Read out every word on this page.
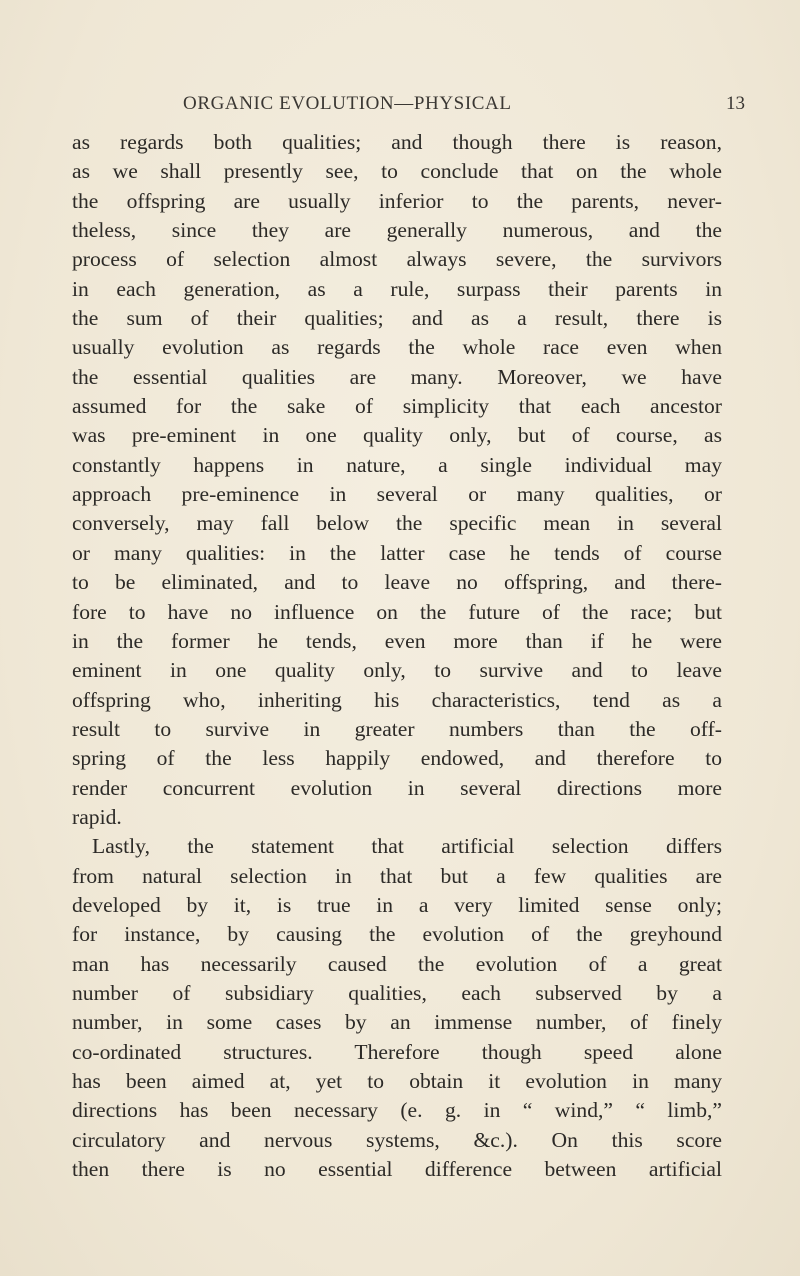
ORGANIC EVOLUTION—PHYSICAL	13
as regards both qualities; and though there is reason,
as we shall presently see, to conclude that on the whole
the offspring are usually inferior to the parents, never-
theless, since they are generally numerous, and the
process of selection almost always severe, the survivors
in each generation, as a rule, surpass their parents in
the sum of their qualities; and as a result, there is
usually evolution as regards the whole race even when
the essential qualities are many. Moreover, we have
assumed for the sake of simplicity that each ancestor
was pre-eminent in one quality only, but of course, as
constantly happens in nature, a single individual may
approach pre-eminence in several or many qualities, or
conversely, may fall below the specific mean in several
or many qualities: in the latter case he tends of course
to be eliminated, and to leave no offspring, and there-
fore to have no influence on the future of the race; but
in the former he tends, even more than if he were
eminent in one quality only, to survive and to leave
offspring who, inheriting his characteristics, tend as a
result to survive in greater numbers than the off-
spring of the less happily endowed, and therefore to
render concurrent evolution in several directions more
rapid.
Lastly, the statement that artificial selection differs
from natural selection in that but a few qualities are
developed by it, is true in a very limited sense only;
for instance, by causing the evolution of the greyhound
man has necessarily caused the evolution of a great
number of subsidiary qualities, each subserved by a
number, in some cases by an immense number, of finely
co-ordinated structures. Therefore though speed alone
has been aimed at, yet to obtain it evolution in many
directions has been necessary (e. g. in “ wind,” “ limb,”
circulatory and nervous systems, &c.). On this score
then there is no essential difference between artificial
